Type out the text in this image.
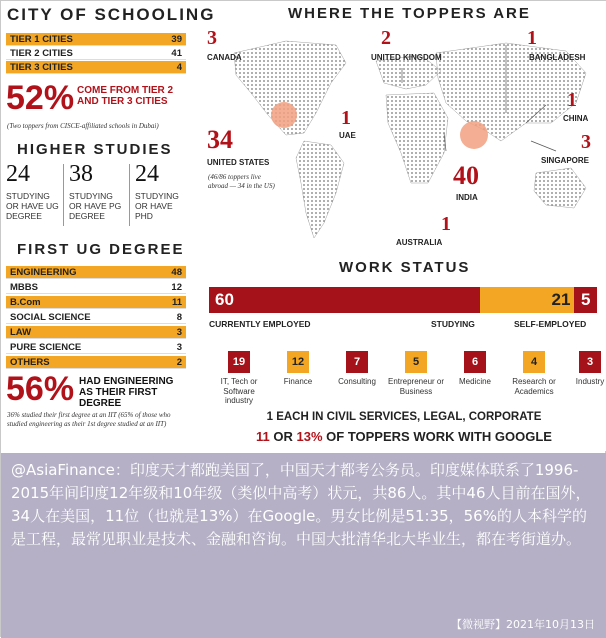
CITY OF SCHOOLING
TIER 1 CITIES	39
TIER 2 CITIES	41
TIER 3 CITIES	4
52% COME FROM TIER 2 AND TIER 3 CITIES
(Two toppers from CISCE-affiliated schools in Dubai)
HIGHER STUDIES
24
STUDYING OR HAVE UG DEGREE
38
STUDYING OR HAVE PG DEGREE
24
STUDYING OR HAVE PHD
FIRST UG DEGREE
ENGINEERING	48
MBBS	12
B.Com	11
SOCIAL SCIENCE	8
LAW	3
PURE SCIENCE	3
OTHERS	2
56% HAD ENGINEERING AS THEIR FIRST DEGREE
36% studied their first degree at an IIT (65% of those who studied engineering as their 1st degree studied at an IIT)
WHERE THE TOPPERS ARE
3
CANADA
2
UNITED KINGDOM
1
BANGLADESH
34
UNITED STATES
(46/86 toppers live abroad — 34 in the US)
1
UAE
1
CHINA
3
SINGAPORE
40
INDIA
1
AUSTRALIA
WORK STATUS
60	21 5
CURRENTLY EMPLOYED	STUDYING	SELF-EMPLOYED
19
IT, Tech or Software industry
12
Finance
7
Consulting
5
Entrepreneur or Business
6
Medicine
4
Research or Academics
3
Industry
1 EACH IN CIVIL SERVICES, LEGAL, CORPORATE
11 OR 13% OF TOPPERS WORK WITH GOOGLE

@AsiaFinance：印度天才都跑美国了，中国天才都考公务员。印度媒体联系了1996-2015年间印度12年级和10年级（类似中高考）状元，共86人。其中46人目前在国外，34人在美国，11位（也就是13%）在Google。男女比例是51:35，56%的人本科学的是工程，最常见职业是技术、金融和咨询。中国大批清华北大毕业生，都在考街道办。

【微视野】2021年10月13日
